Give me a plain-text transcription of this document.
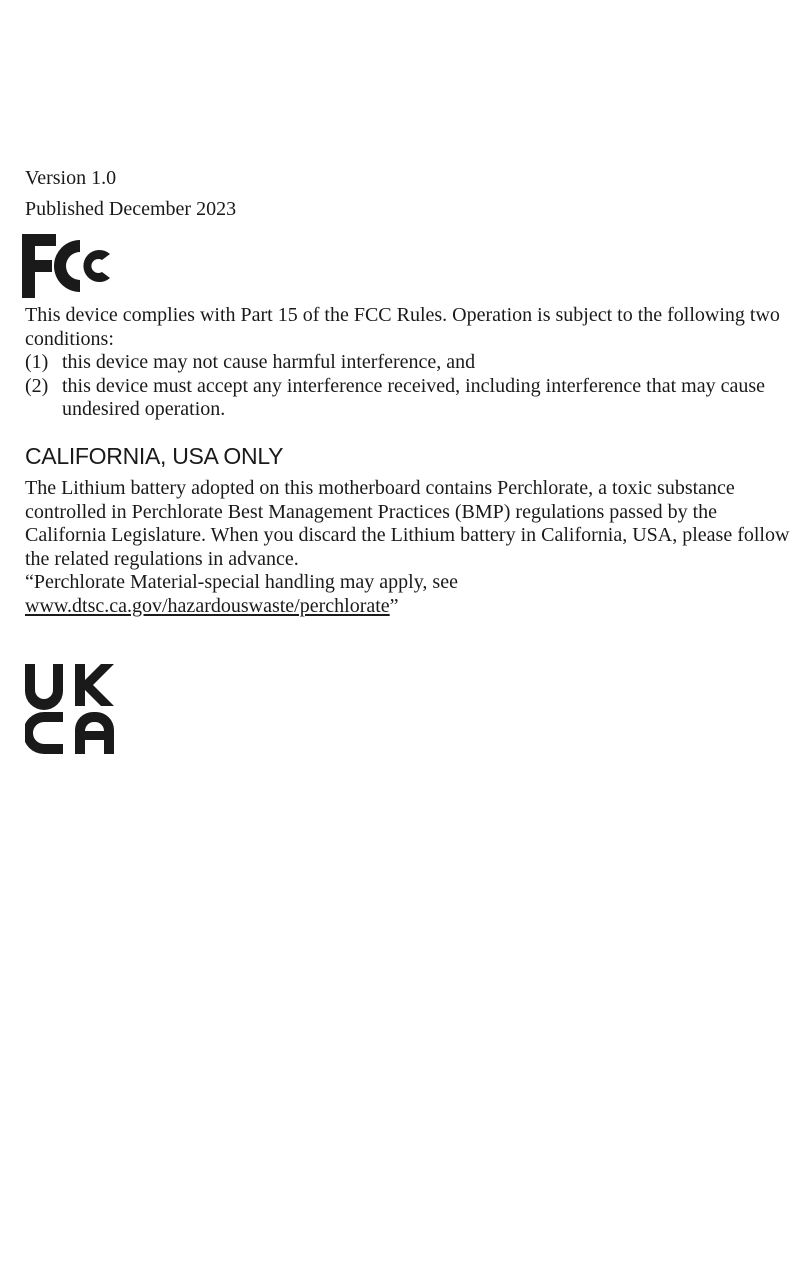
Version 1.0
Published December 2023
This device complies with Part 15 of the FCC Rules. Operation is subject to the following two conditions:
(1) this device may not cause harmful interference, and
(2) this device must accept any interference received, including interference that may cause undesired operation.
CALIFORNIA, USA ONLY
The Lithium battery adopted on this motherboard contains Perchlorate, a toxic substance controlled in Perchlorate Best Management Practices (BMP) regulations passed by the California Legislature. When you discard the Lithium battery in California, USA, please follow the related regulations in advance.
“Perchlorate Material-special handling may apply, see www.dtsc.ca.gov/hazardouswaste/perchlorate”
